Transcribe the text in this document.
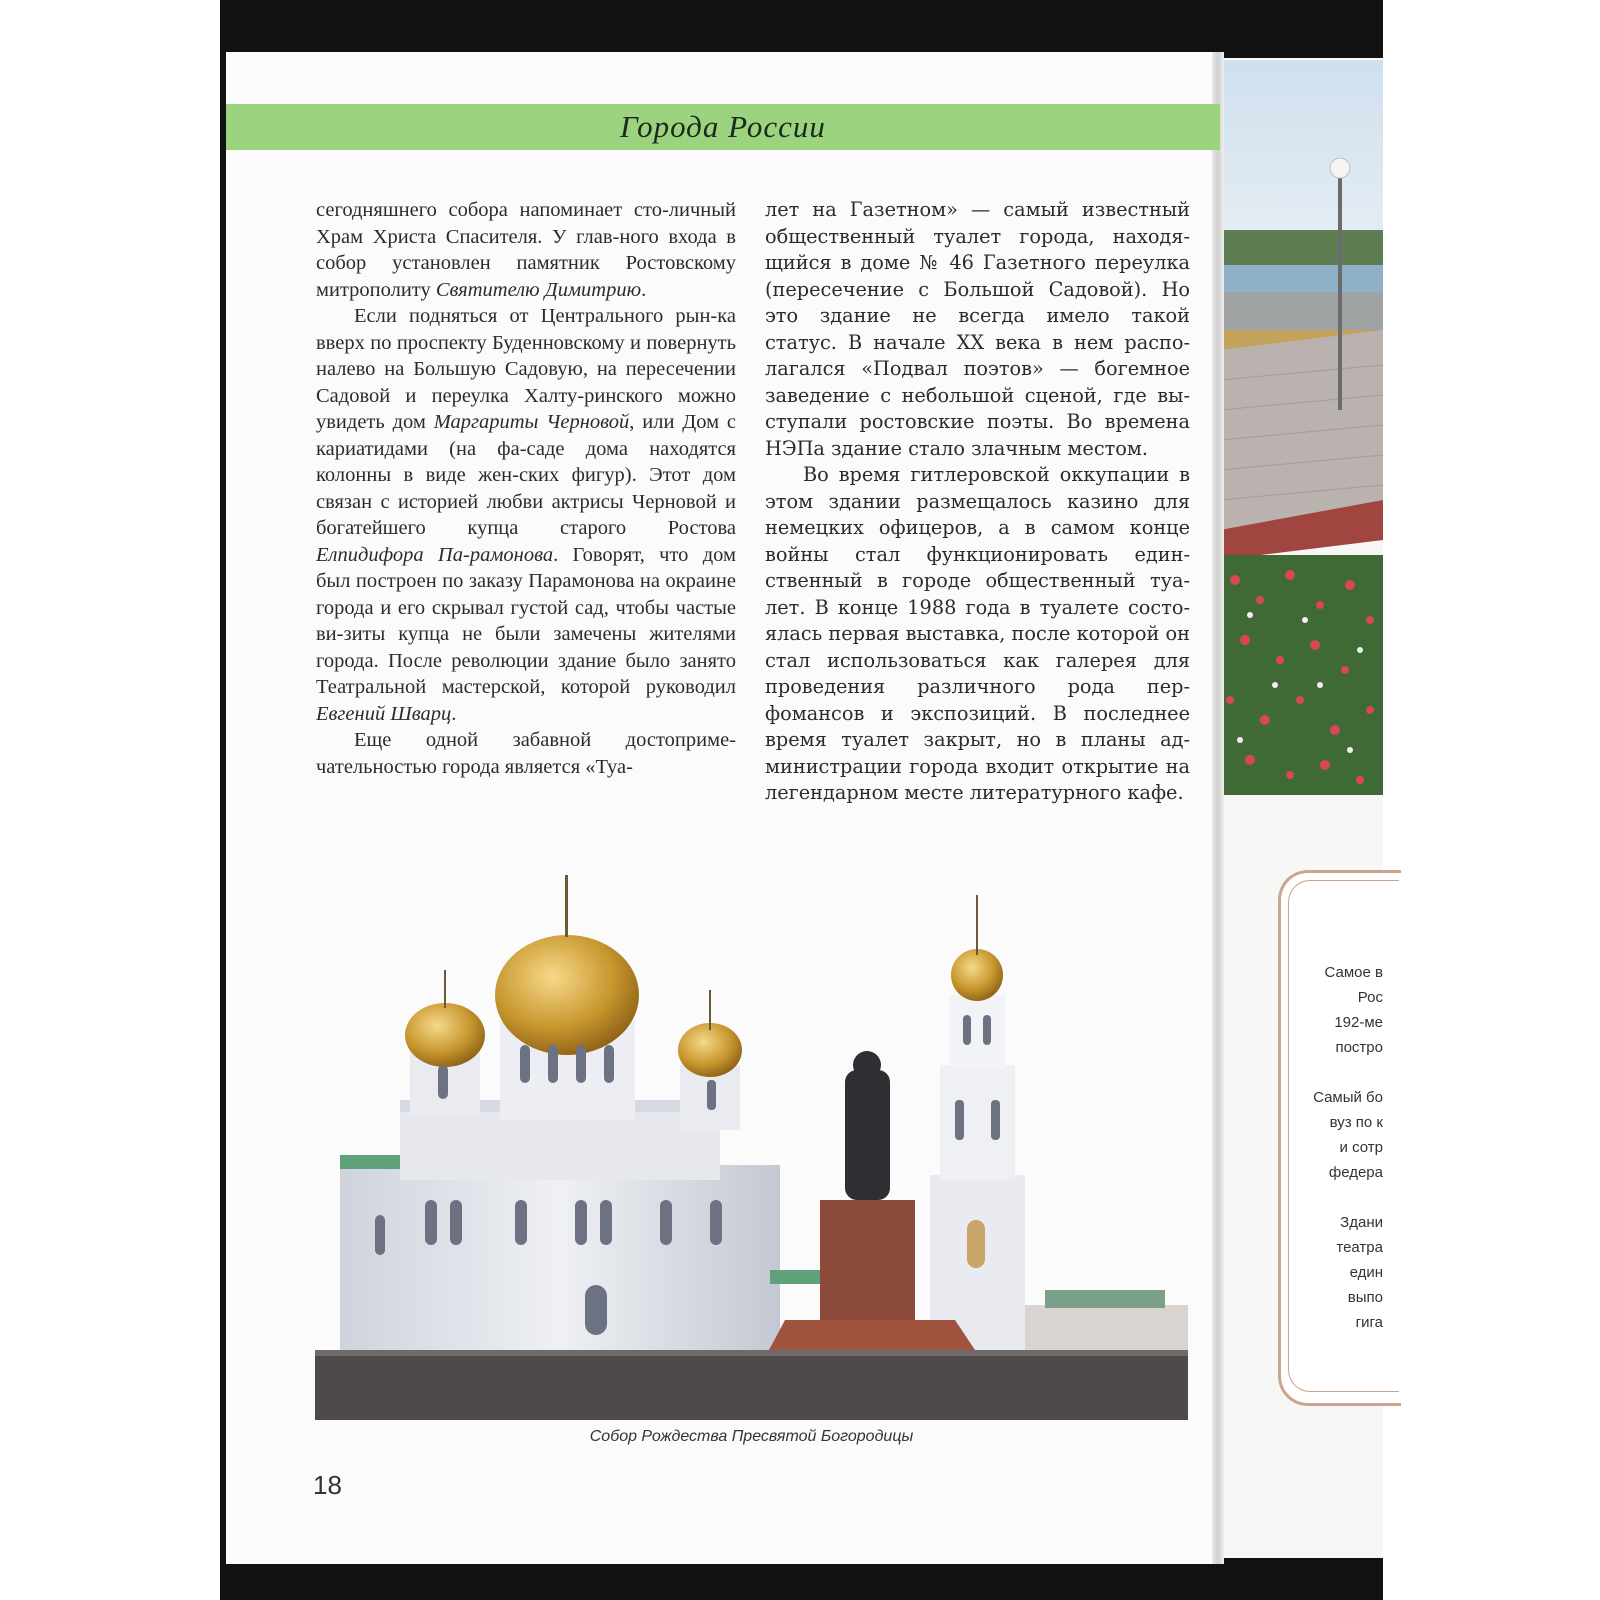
Самое в
Рос
192-ме
постро
Самый бо
вуз по к
и сотр
федера
Здани
театра
един
выпо
гига
Города России

сегодняшнего собора напоминает сто-личный Храм Христа Спасителя. У глав-ного входа в собор установлен памятник Ростовскому митрополиту Святителю Димитрию.

Если подняться от Центрального рын-ка вверх по проспекту Буденновскому и повернуть налево на Большую Садовую, на пересечении Садовой и переулка Халту-ринского можно увидеть дом Маргариты Черновой, или Дом с кариатидами (на фа-саде дома находятся колонны в виде жен-ских фигур). Этот дом связан с историей любви актрисы Черновой и богатейшего купца старого Ростова Елпидифора Па-рамонова. Говорят, что дом был построен по заказу Парамонова на окраине города и его скрывал густой сад, чтобы частые ви-зиты купца не были замечены жителями города. После революции здание было занято Театральной мастерской, которой руководил Евгений Шварц.

Еще одной забавной достоприме-чательностью города является «Туа-

лет на Газетном» — самый известный общественный туалет города, находя-щийся в доме № 46 Газетного переулка (пересечение с Большой Садовой). Но это здание не всегда имело такой статус. В начале XX века в нем распо-лагался «Подвал поэтов» — богемное заведение с небольшой сценой, где вы-ступали ростовские поэты. Во времена НЭПа здание стало злачным местом.

Во время гитлеровской оккупации в этом здании размещалось казино для немецких офицеров, а в самом конце войны стал функционировать един-ственный в городе общественный туа-лет. В конце 1988 года в туалете состо-ялась первая выставка, после которой он стал использоваться как галерея для проведения различного рода пер-фомансов и экспозиций. В последнее время туалет закрыт, но в планы ад-министрации города входит открытие на легендарном месте литературного кафе.

Собор Рождества Пресвятой Богородицы
18
